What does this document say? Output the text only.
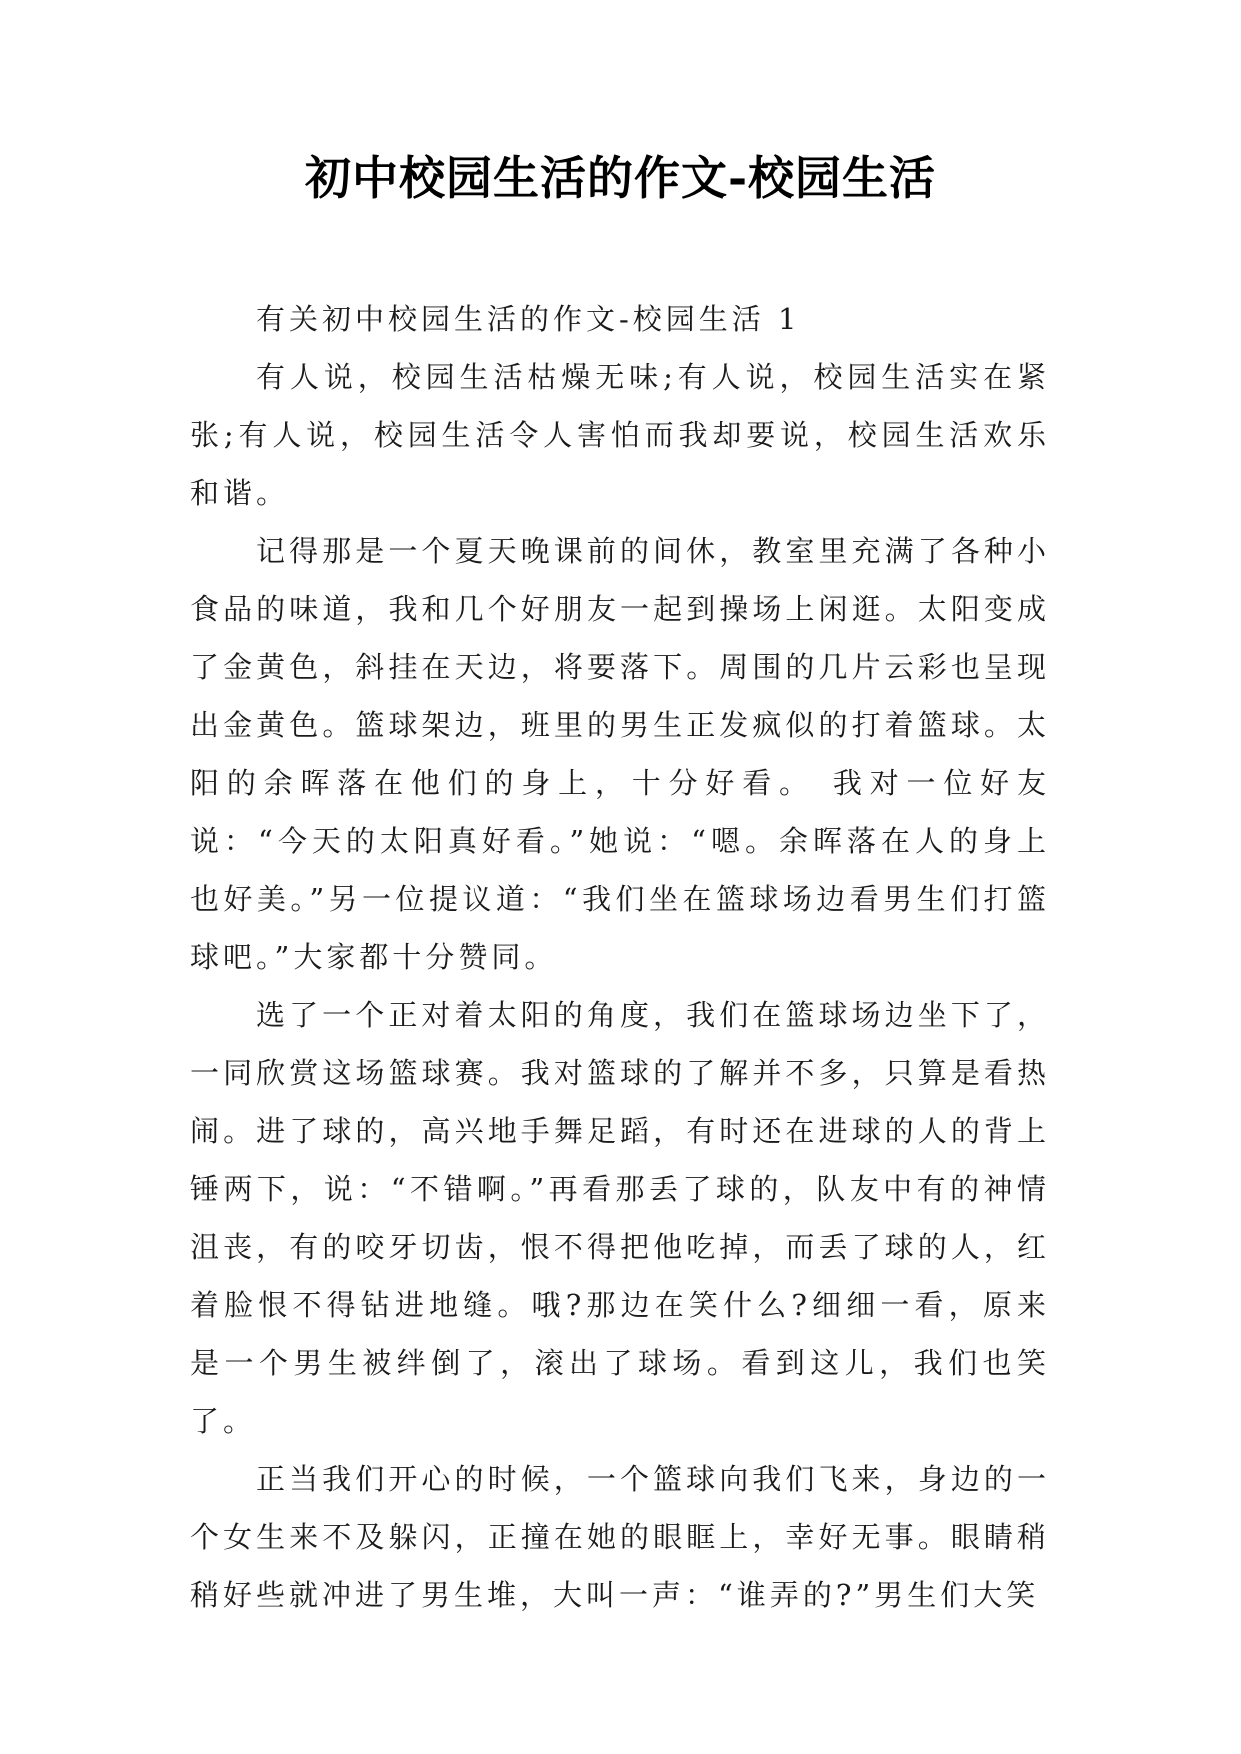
初中校园生活的作文-校园生活

有关初中校园生活的作文-校园生活 1

有人说，校园生活枯燥无味;有人说，校园生活实在紧张;有人说，校园生活令人害怕而我却要说，校园生活欢乐和谐。

记得那是一个夏天晚课前的间休，教室里充满了各种小食品的味道，我和几个好朋友一起到操场上闲逛。太阳变成了金黄色，斜挂在天边，将要落下。周围的几片云彩也呈现出金黄色。篮球架边，班里的男生正发疯似的打着篮球。太阳的余晖落在他们的身上，十分好看。 我对一位好友说：“今天的太阳真好看。”她说：“嗯。余晖落在人的身上也好美。”另一位提议道：“我们坐在篮球场边看男生们打篮球吧。”大家都十分赞同。

选了一个正对着太阳的角度，我们在篮球场边坐下了，一同欣赏这场篮球赛。我对篮球的了解并不多，只算是看热闹。进了球的，高兴地手舞足蹈，有时还在进球的人的背上锤两下，说：“不错啊。”再看那丢了球的，队友中有的神情沮丧，有的咬牙切齿，恨不得把他吃掉，而丢了球的人，红着脸恨不得钻进地缝。哦?那边在笑什么?细细一看，原来是一个男生被绊倒了，滚出了球场。看到这儿，我们也笑了。

正当我们开心的时候，一个篮球向我们飞来，身边的一个女生来不及躲闪，正撞在她的眼眶上，幸好无事。眼睛稍稍好些就冲进了男生堆，大叫一声：“谁弄的?”男生们大笑
